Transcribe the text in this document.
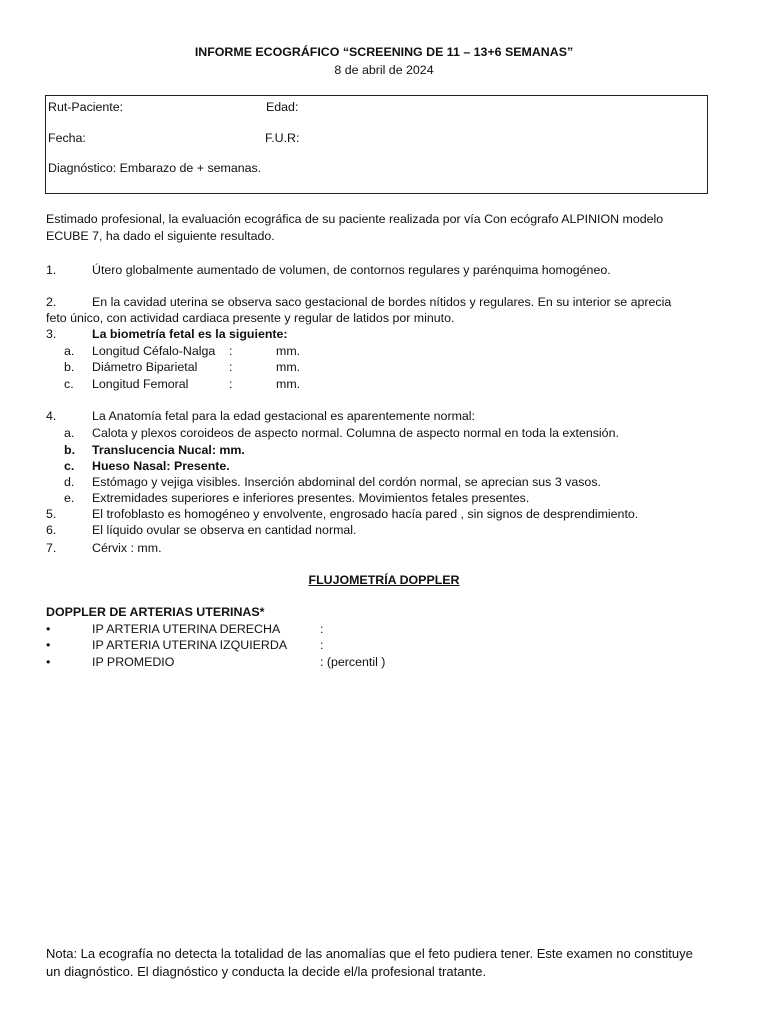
INFORME ECOGRÁFICO “SCREENING DE 11 – 13+6 SEMANAS”
8 de abril de 2024
Rut-Paciente:	Edad:
Fecha:	F.U.R:
Diagnóstico: Embarazo de + semanas.
Estimado profesional, la evaluación ecográfica de su paciente realizada por vía Con ecógrafo ALPINION modelo ECUBE 7, ha dado el siguiente resultado.
1.	Útero globalmente aumentado de volumen, de contornos regulares y parénquima homogéneo.
2.	En la cavidad uterina se observa saco gestacional de bordes nítidos y regulares. En su interior se aprecia
feto único, con actividad cardiaca presente y regular de latidos por minuto.
3.	La biometría fetal es la siguiente:
a. Longitud Céfalo-Nalga :	mm.
b. Diámetro Biparietal	:	mm.
c. Longitud Femoral	:	mm.
4.	La Anatomía fetal para la edad gestacional es aparentemente normal:
a. Calota y plexos coroideos de aspecto normal. Columna de aspecto normal en toda la extensión.
b. Translucencia Nucal: mm.
c. Hueso Nasal: Presente.
d. Estómago y vejiga visibles. Inserción abdominal del cordón normal, se aprecian sus 3 vasos.
e. Extremidades superiores e inferiores presentes. Movimientos fetales presentes.
5.	El trofoblasto es homogéneo y envolvente, engrosado hacía pared , sin signos de desprendimiento.
6.	El líquido ovular se observa en cantidad normal.
7.	Cérvix : mm.
FLUJOMETRÍA DOPPLER
DOPPLER DE ARTERIAS UTERINAS*
•	IP ARTERIA UTERINA DERECHA	:
•	IP ARTERIA UTERINA IZQUIERDA	:
•	IP PROMEDIO	: (percentil )
Nota: La ecografía no detecta la totalidad de las anomalías que el feto pudiera tener. Este examen no constituye un diagnóstico. El diagnóstico y conducta la decide el/la profesional tratante.
